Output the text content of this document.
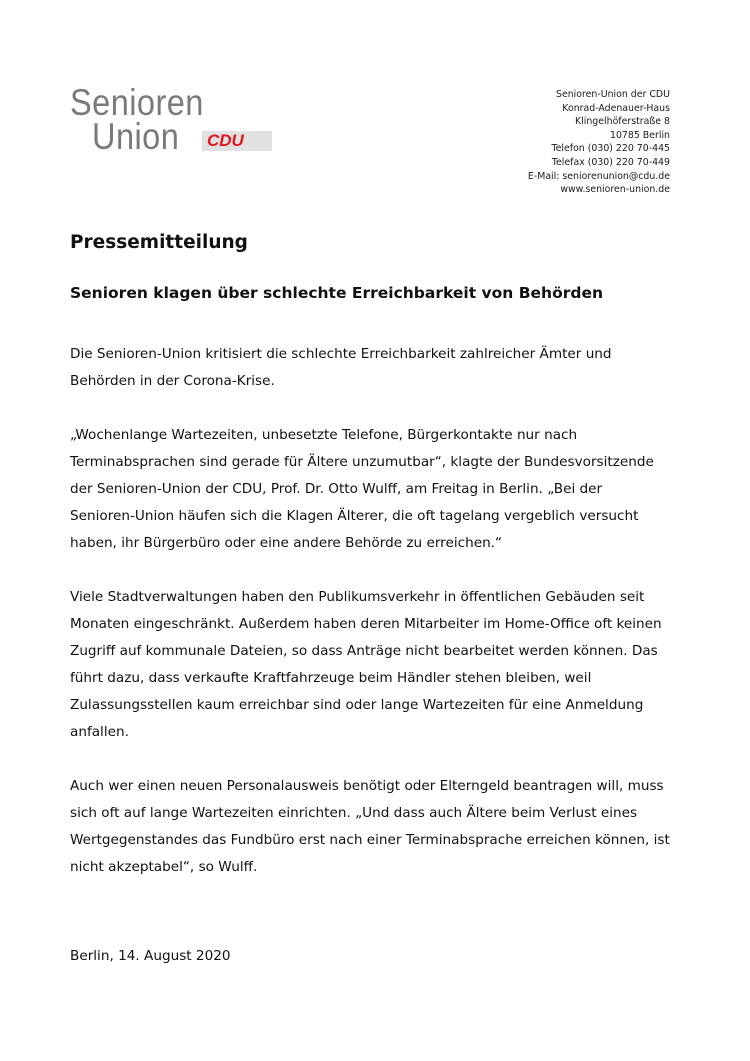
Senioren
Union CDU
Senioren-Union der CDU
Konrad-Adenauer-Haus
Klingelhöferstraße 8
10785 Berlin
Telefon (030) 220 70-445
Telefax (030) 220 70-449
E-Mail: seniorenunion@cdu.de
www.senioren-union.de
Pressemitteilung
Senioren klagen über schlechte Erreichbarkeit von Behörden

Die Senioren-Union kritisiert die schlechte Erreichbarkeit zahlreicher Ämter und Behörden in der Corona-Krise.

„Wochenlange Wartezeiten, unbesetzte Telefone, Bürgerkontakte nur nach Terminabsprachen sind gerade für Ältere unzumutbar“, klagte der Bundesvorsitzende der Senioren-Union der CDU, Prof. Dr. Otto Wulff, am Freitag in Berlin. „Bei der Senioren-Union häufen sich die Klagen Älterer, die oft tagelang vergeblich versucht haben, ihr Bürgerbüro oder eine andere Behörde zu erreichen.“

Viele Stadtverwaltungen haben den Publikumsverkehr in öffentlichen Gebäuden seit Monaten eingeschränkt. Außerdem haben deren Mitarbeiter im Home-Office oft keinen Zugriff auf kommunale Dateien, so dass Anträge nicht bearbeitet werden können. Das führt dazu, dass verkaufte Kraftfahrzeuge beim Händler stehen bleiben, weil Zulassungsstellen kaum erreichbar sind oder lange Wartezeiten für eine Anmeldung anfallen.

Auch wer einen neuen Personalausweis benötigt oder Elterngeld beantragen will, muss sich oft auf lange Wartezeiten einrichten. „Und dass auch Ältere beim Verlust eines Wertgegenstandes das Fundbüro erst nach einer Terminabsprache erreichen können, ist nicht akzeptabel“, so Wulff.

Berlin, 14. August 2020
